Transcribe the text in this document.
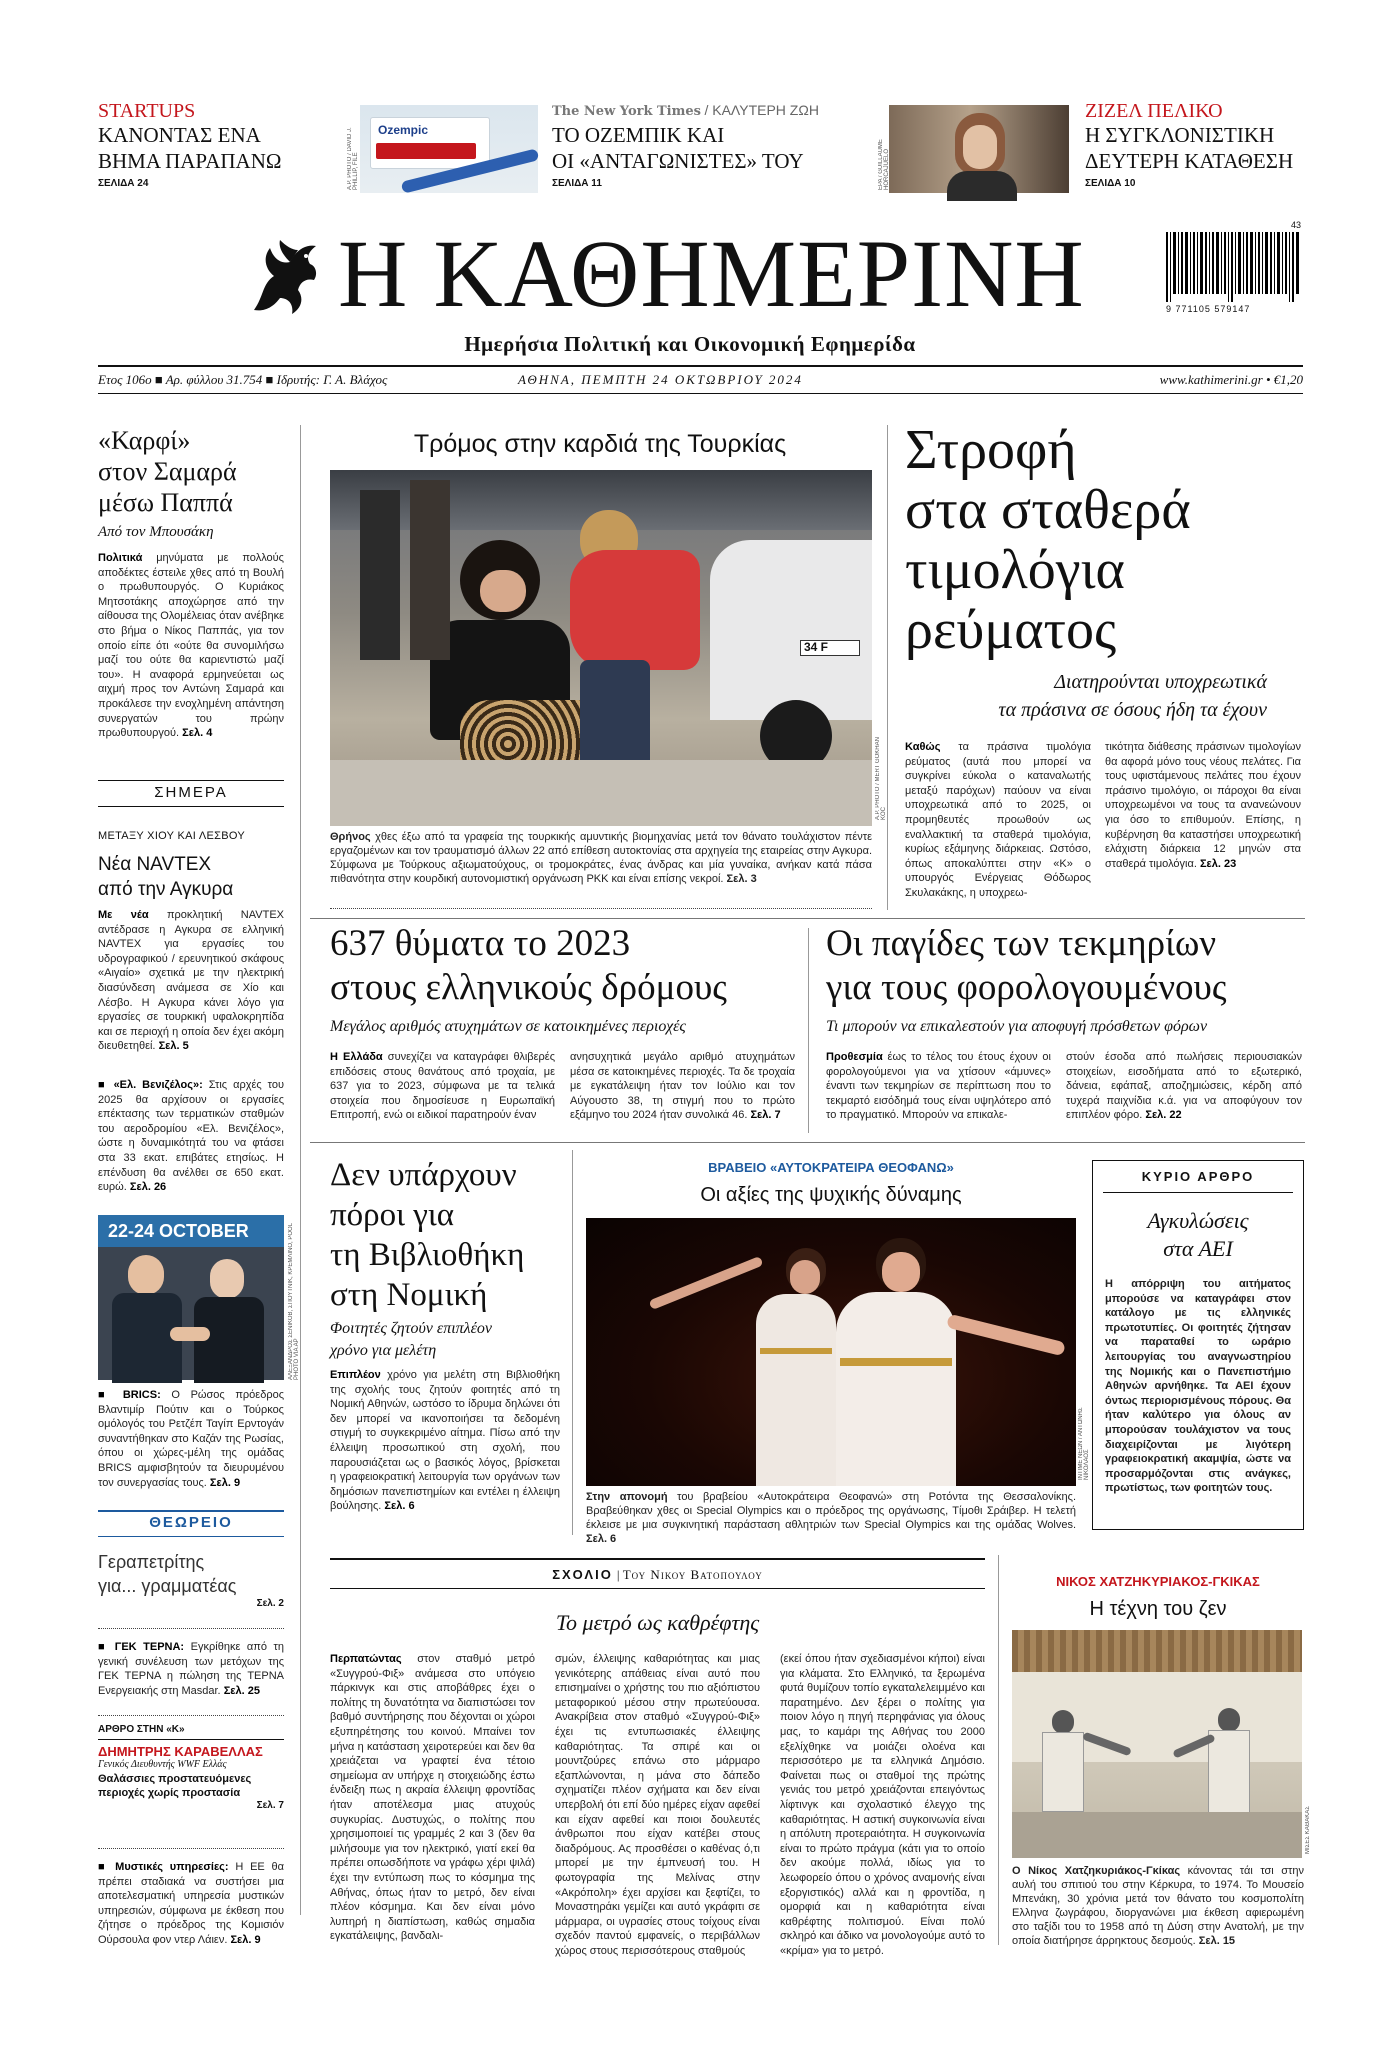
STARTUPS
ΚΑΝΟΝΤΑΣ ΕΝΑ
ΒΗΜΑ ΠΑΡΑΠΑΝΩ
ΣΕΛΙΔΑ 24
Ozempic
A.P. PHOTO / DAVID J. PHILLIP, FILE
The New York Times / ΚΑΛΥΤΕΡΗ ΖΩΗ
ΤΟ ΟΖΕΜΠΙΚ ΚΑΙ
ΟΙ «ΑΝΤΑΓΩΝΙΣΤΕΣ» ΤΟΥ
ΣΕΛΙΔΑ 11	EPA / GUILLAUME HORCAJUELO
ΖΙΖΕΛ ΠΕΛΙΚΟ
Η ΣΥΓΚΛΟΝΙΣΤΙΚΗ
ΔΕΥΤΕΡΗ ΚΑΤΑΘΕΣΗ
ΣΕΛΙΔΑ 10
Η ΚΑΘΗΜΕΡΙΝΗ	43
9 771105 579147
Ημερήσια Πολιτική και Οικονομική Εφημερίδα
Ετος 106ο ■ Αρ. φύλλου 31.754 ■ Ιδρυτής: Γ. Α. Βλάχος	ΑΘΗΝΑ, ΠΕΜΠΤΗ 24 ΟΚΤΩΒΡΙΟΥ 2024	www.kathimerini.gr • €1,20
«Καρφί»
στον Σαμαρά
μέσω Παππά
Από τον Μπουσάκη
Πολιτικά μηνύματα με πολλούς αποδέκτες έστειλε χθες από τη Βουλή ο πρωθυπουργός. Ο Κυριάκος Μητσοτάκης αποχώρησε από την αίθουσα της Ολομέλειας όταν ανέβηκε στο βήμα ο Νίκος Παππάς, για τον οποίο είπε ότι «ούτε θα συνομιλήσω μαζί του ούτε θα καριεντιστώ μαζί του». Η αναφορά ερμηνεύεται ως αιχμή προς τον Αντώνη Σαμαρά και προκάλεσε την ενοχλημένη απάντηση συνεργατών του πρώην πρωθυπουργού. Σελ. 4
ΣΗΜΕΡΑ
ΜΕΤΑΞΥ ΧΙΟΥ ΚΑΙ ΛΕΣΒΟΥ
Νέα NAVTEX
από την Αγκυρα
Με νέα προκλητική NAVTEX αντέδρασε η Αγκυρα σε ελληνική NAVTEX για εργασίες του υδρογραφικού / ερευνητικού σκάφους «Αιγαίο» σχετικά με την ηλεκτρική διασύνδεση ανάμεσα σε Χίο και Λέσβο. Η Αγκυρα κάνει λόγο για εργασίες σε τουρκική υφαλοκρηπίδα και σε περιοχή η οποία δεν έχει ακόμη διευθετηθεί. Σελ. 5
■ «Ελ. Βενιζέλος»: Στις αρχές του 2025 θα αρχίσουν οι εργασίες επέκτασης των τερματικών σταθμών του αεροδρομίου «Ελ. Βενιζέλος», ώστε η δυναμικότητά του να φτάσει στα 33 εκατ. επιβάτες ετησίως. Η επένδυση θα ανέλθει σε 650 εκατ. ευρώ. Σελ. 26
22-24 OCTOBER	ΑΛΕΞΑΝΔΡΟΣ ΣΕΝΙΚΟΒ, ΣΠΟΥΤΝΙΚ, ΚΡΕΜΛΙΝΟ, POOL PHOTO VIA AP
■ BRICS: Ο Ρώσος πρόεδρος Βλαντιμίρ Πούτιν και ο Τούρκος ομόλογός του Ρετζέπ Ταγίπ Ερντογάν συναντήθηκαν στο Καζάν της Ρωσίας, όπου οι χώρες-μέλη της ομάδας BRICS αμφισβητούν τα διευρυμένου τον συνεργασίας τους. Σελ. 9
ΘΕΩΡΕΙΟ
Γεραπετρίτης
για... γραμματέας
Σελ. 2
■ ΓΕΚ ΤΕΡΝΑ: Εγκρίθηκε από τη γενική συνέλευση των μετόχων της ΓΕΚ ΤΕΡΝΑ η πώληση της ΤΕΡΝΑ Ενεργειακής στη Masdar. Σελ. 25
ΑΡΘΡΟ ΣΤΗΝ «Κ»
ΔΗΜΗΤΡΗΣ ΚΑΡΑΒΕΛΛΑΣ
Γενικός Διευθυντής WWF Ελλάς
Θαλάσσιες προστατευόμενες περιοχές χωρίς προστασία
Σελ. 7
■ Μυστικές υπηρεσίες: Η ΕΕ θα πρέπει σταδιακά να συστήσει μια αποτελεσματική υπηρεσία μυστικών υπηρεσιών, σύμφωνα με έκθεση που ζήτησε ο πρόεδρος της Κομισιόν Ούρσουλα φον ντερ Λάιεν. Σελ. 9
Τρόμος στην καρδιά της Τουρκίας
34 F
A.P. PHOTO / MERT GOKHAN KOC
Θρήνος χθες έξω από τα γραφεία της τουρκικής αμυντικής βιομηχανίας μετά τον θάνατο τουλάχιστον πέντε εργαζομένων και τον τραυματισμό άλλων 22 από επίθεση αυτοκτονίας στα αρχηγεία της εταιρείας στην Αγκυρα. Σύμφωνα με Τούρκους αξιωματούχους, οι τρομοκράτες, ένας άνδρας και μία γυναίκα, ανήκαν κατά πάσα πιθανότητα στην κουρδική αυτονομιστική οργάνωση PKK και είναι επίσης νεκροί. Σελ. 3
Στροφή
στα σταθερά
τιμολόγια
ρεύματος
Διατηρούνται υποχρεωτικά
τα πράσινα σε όσους ήδη τα έχουν
Καθώς τα πράσινα τιμολόγια ρεύματος (αυτά που μπορεί να συγκρίνει εύκολα ο καταναλωτής μεταξύ παρόχων) παύουν να είναι υποχρεωτικά από το 2025, οι προμηθευτές προωθούν ως εναλλακτική τα σταθερά τιμολόγια, κυρίως εξάμηνης διάρκειας. Ωστόσο, όπως αποκαλύπτει στην «Κ» ο υπουργός Ενέργειας Θόδωρος Σκυλακάκης, η υποχρεω-
τικότητα διάθεσης πράσινων τιμολογίων θα αφορά μόνο τους νέους πελάτες. Για τους υφιστάμενους πελάτες που έχουν πράσινο τιμολόγιο, οι πάροχοι θα είναι υποχρεωμένοι να τους τα ανανεώνουν για όσο το επιθυμούν. Επίσης, η κυβέρνηση θα καταστήσει υποχρεωτική ελάχιστη διάρκεια 12 μηνών στα σταθερά τιμολόγια. Σελ. 23
637 θύματα το 2023
στους ελληνικούς δρόμους
Μεγάλος αριθμός ατυχημάτων σε κατοικημένες περιοχές
Η Ελλάδα συνεχίζει να καταγράφει θλιβερές επιδόσεις στους θανάτους από τροχαία, με 637 για το 2023, σύμφωνα με τα τελικά στοιχεία που δημοσίευσε η Ευρωπαϊκή Επιτροπή, ενώ οι ειδικοί παρατηρούν έναν
ανησυχητικά μεγάλο αριθμό ατυχημάτων μέσα σε κατοικημένες περιοχές. Τα δε τροχαία με εγκατάλειψη ήταν τον Ιούλιο και τον Αύγουστο 38, τη στιγμή που το πρώτο εξάμηνο του 2024 ήταν συνολικά 46. Σελ. 7
Οι παγίδες των τεκμηρίων
για τους φορολογουμένους
Τι μπορούν να επικαλεστούν για αποφυγή πρόσθετων φόρων
Προθεσμία έως το τέλος του έτους έχουν οι φορολογούμενοι για να χτίσουν «άμυνες» έναντι των τεκμηρίων σε περίπτωση που το τεκμαρτό εισόδημά τους είναι υψηλότερο από το πραγματικό. Μπορούν να επικαλε-
στούν έσοδα από πωλήσεις περιουσιακών στοιχείων, εισοδήματα από το εξωτερικό, δάνεια, εφάπαξ, αποζημιώσεις, κέρδη από τυχερά παιχνίδια κ.ά. για να αποφύγουν τον επιπλέον φόρο. Σελ. 22
Δεν υπάρχουν
πόροι για
τη Βιβλιοθήκη
στη Νομική
Φοιτητές ζητούν επιπλέον
χρόνο για μελέτη
Επιπλέον χρόνο για μελέτη στη Βιβλιοθήκη της σχολής τους ζητούν φοιτητές από τη Νομική Αθηνών, ωστόσο το ίδρυμα δηλώνει ότι δεν μπορεί να ικανοποιήσει τα δεδομένη στιγμή το συγκεκριμένο αίτημα. Πίσω από την έλλειψη προσωπικού στη σχολή, που παρουσιάζεται ως ο βασικός λόγος, βρίσκεται η γραφειοκρατική λειτουργία των οργάνων των δημόσιων πανεπιστημίων και εντέλει η έλλειψη βούλησης. Σελ. 6
ΒΡΑΒΕΙΟ «ΑΥΤΟΚΡΑΤΕΙΡΑ ΘΕΟΦΑΝΩ»
Οι αξίες της ψυχικής δύναμης
ΙΝΤΙΜΕ ΝΕΩΝ / ΑΝΤΩΝΗΣ ΝΙΚΟΛΑΟΣ
Στην απονομή του βραβείου «Αυτοκράτειρα Θεοφανώ» στη Ροτόντα της Θεσσαλονίκης. Βραβεύθηκαν χθες οι Special Olympics και ο πρόεδρος της οργάνωσης, Τίμοθι Σράιβερ. Η τελετή έκλεισε με μια συγκινητική παράσταση αθλητριών των Special Olympics και της ομάδας Wolves. Σελ. 6
ΚΥΡΙΟ ΑΡΘΡΟ
Αγκυλώσεις
στα ΑΕΙ
Η απόρριψη του αιτήματος μπορούσε να καταγράφει στον κατάλογο με τις ελληνικές πρωτοτυπίες. Οι φοιτητές ζήτησαν να παραταθεί το ωράριο λειτουργίας του αναγνωστηρίου της Νομικής και ο Πανεπιστήμιο Αθηνών αρνήθηκε. Τα ΑΕΙ έχουν όντως περιορισμένους πόρους. Θα ήταν καλύτερο για όλους αν μπορούσαν τουλάχιστον να τους διαχειρίζονται με λιγότερη γραφειοκρατική ακαμψία, ώστε να προσαρμόζονται στις ανάγκες, πρωτίστως, των φοιτητών τους.
ΣΧΟΛΙΟ | Του Νικου Βατοπουλου
Το μετρό ως καθρέφτης
Περπατώντας στον σταθμό μετρό «Συγγρού-Φιξ» ανάμεσα στο υπόγειο πάρκινγκ και στις αποβάθρες έχει ο πολίτης τη δυνατότητα να διαπιστώσει τον βαθμό συντήρησης που δέχονται οι χώροι εξυπηρέτησης του κοινού. Μπαίνει τον μήνα η κατάσταση χειροτερεύει και δεν θα χρειάζεται να γραφτεί ένα τέτοιο σημείωμα αν υπήρχε η στοιχειώδης έστω ένδειξη πως η ακραία έλλειψη φροντίδας ήταν αποτέλεσμα μιας ατυχούς συγκυρίας. Δυστυχώς, ο πολίτης που χρησιμοποιεί τις γραμμές 2 και 3 (δεν θα μιλήσουμε για τον ηλεκτρικό, γιατί εκεί θα πρέπει οπωσδήποτε να γράφω χέρι ψιλά) έχει την εντύπωση πως το κόσμημα της Αθήνας, όπως ήταν το μετρό, δεν είναι πλέον κόσμημα. Και δεν είναι μόνο λυπηρή η διαπίστωση, καθώς σημαδια εγκατάλειψης, βανδαλι-
σμών, έλλειψης καθαριότητας και μιας γενικότερης απάθειας είναι αυτό που επισημαίνει ο χρήστης του πιο αξιόπιστου μεταφορικού μέσου στην πρωτεύουσα. Ανακρίβεια στον σταθμό «Συγγρού-Φιξ» έχει τις εντυπωσιακές έλλειψης καθαριότητας. Τα σπιρέ και οι μουντζούρες επάνω στο μάρμαρο εξαπλώνονται, η μάνα στο δάπεδο σχηματίζει πλέον σχήματα και δεν είναι υπερβολή ότι επί δύο ημέρες είχαν αφεθεί και είχαν αφεθεί και ποιοι δουλευτές άνθρωποι που είχαν κατέβει στους διαδρόμους. Ας προσθέσει ο καθένας ό,τι μπορεί με την έμπνευσή του. Η φωτογραφία της Μελίνας στην «Ακρόπολη» έχει αρχίσει και ξεφτίζει, το Μοναστηράκι γεμίζει και αυτό γκράφιτι σε μάρμαρα, οι υγρασίες στους τοίχους είναι σχεδόν παντού εμφανείς, ο περιβάλλων χώρος στους περισσότερους σταθμούς
(εκεί όπου ήταν σχεδιασμένοι κήποι) είναι για κλάματα. Στο Ελληνικό, τα ξερωμένα φυτά θυμίζουν τοπίο εγκαταλελειμμένο και παρατημένο. Δεν ξέρει ο πολίτης για ποιον λόγο η πηγή περηφάνιας για όλους μας, το καμάρι της Αθήνας του 2000 εξελίχθηκε να μοιάζει ολοένα και περισσότερο με τα ελληνικά Δημόσιο. Φαίνεται πως οι σταθμοί της πρώτης γενιάς του μετρό χρειάζονται επειγόντως λίφτινγκ και σχολαστικό έλεγχο της καθαριότητας. Η αστική συγκοινωνία είναι η απόλυτη προτεραιότητα. Η συγκοινωνία είναι το πρώτο πράγμα (κάτι για το οποίο δεν ακούμε πολλά, ιδίως για το λεωφορείο όπου ο χρόνος αναμονής είναι εξοργιστικός) αλλά και η φροντίδα, η ομορφιά και η καθαριότητα είναι καθρέφτης πολιτισμού. Είναι πολύ σκληρό και άδικο να μονολογούμε αυτό το «κρίμα» για το μετρό.
ΝΙΚΟΣ ΧΑΤΖΗΚΥΡΙΑΚΟΣ-ΓΚΙΚΑΣ
Η τέχνη του ζεν
ΜΙΣΕΣ ΚΑΘΑΚΑΣ
Ο Νίκος Χατζηκυριάκος-Γκίκας κάνοντας τάι τσι στην αυλή του σπιτιού του στην Κέρκυρα, το 1974. Το Μουσείο Μπενάκη, 30 χρόνια μετά τον θάνατο του κοσμοπολίτη Ελληνα ζωγράφου, διοργανώνει μια έκθεση αφιερωμένη στο ταξίδι του το 1958 από τη Δύση στην Ανατολή, με την οποία διατήρησε άρρηκτους δεσμούς. Σελ. 15
